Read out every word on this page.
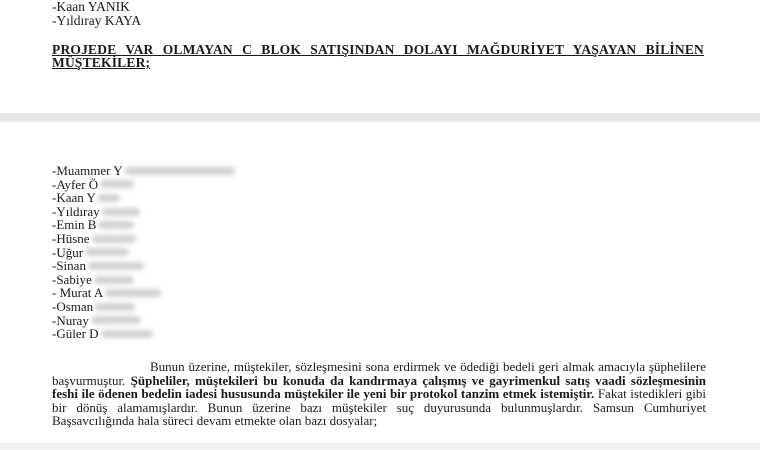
-Kaan YANIK
-Yıldıray KAYA
PROJEDE VAR OLMAYAN C BLOK SATIŞINDAN DOLAYI MAĞDURİYET YAŞAYAN BİLİNEN MÜŞTEKİLER;
-Muammer Y
-Ayfer Ö
-Kaan Y
-Yıldıray
-Emin B
-Hüsne
-Uğur
-Sinan
-Sabiye
- Murat A
-Osman
-Nuray
-Güler D
Bunun üzerine, müştekiler, sözleşmesini sona erdirmek ve ödediği bedeli geri almak amacıyla şüphelilere başvurmuştur. Şüpheliler, müştekileri bu konuda da kandırmaya çalışmış ve gayrimenkul satış vaadi sözleşmesinin feshi ile ödenen bedelin iadesi hususunda müştekiler ile yeni bir protokol tanzim etmek istemiştir. Fakat istedikleri gibi bir dönüş alamamışlardır. Bunun üzerine bazı müştekiler suç duyurusunda bulunmuşlardır. Samsun Cumhuriyet Başsavcılığında hala süreci devam etmekte olan bazı dosyalar;
